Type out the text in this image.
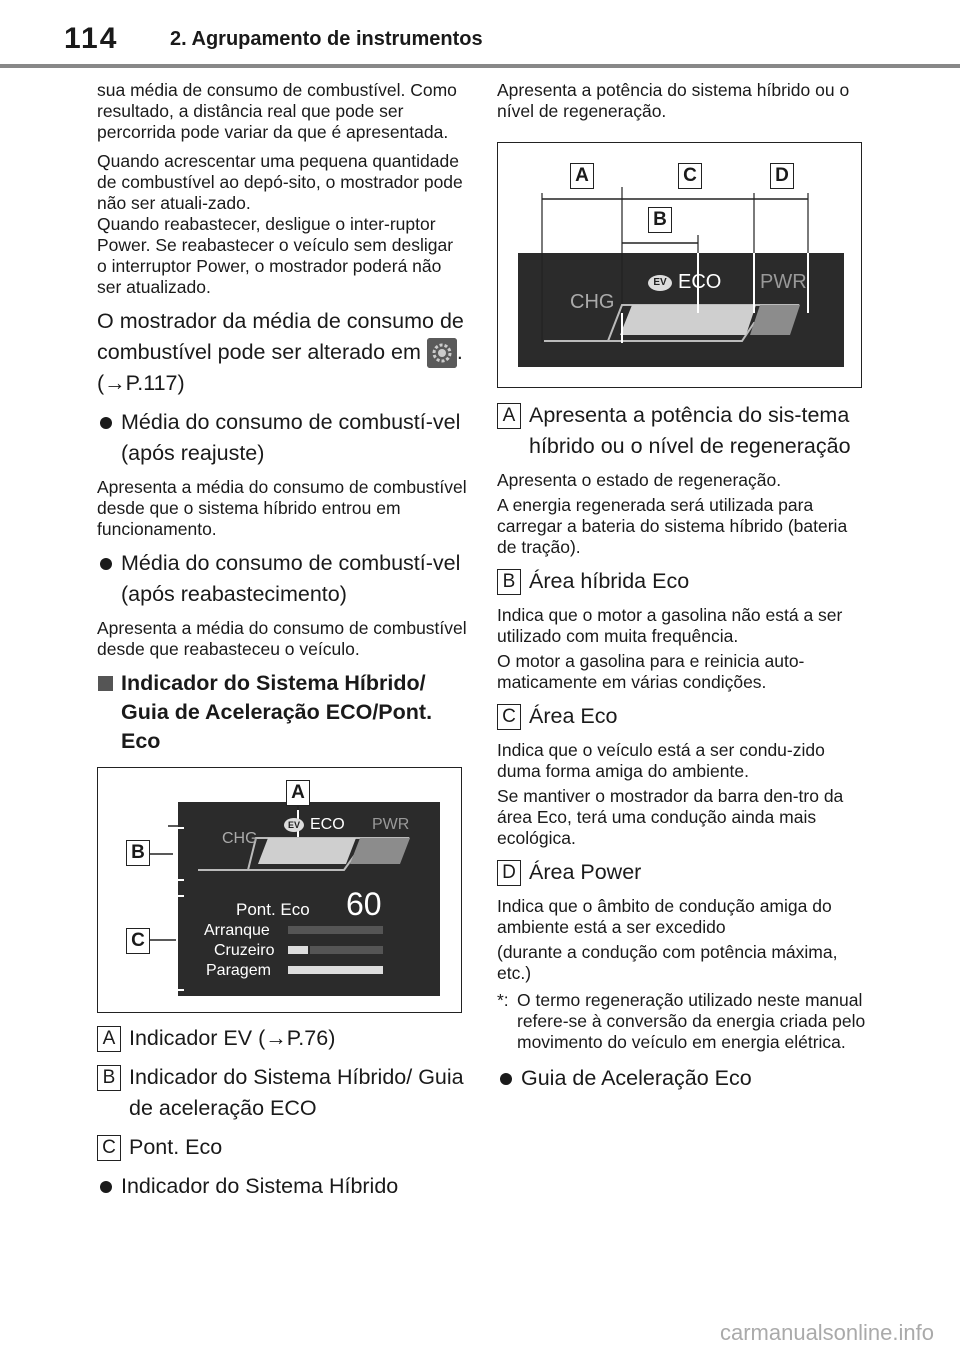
114	2. Agrupamento de instrumentos

sua média de consumo de combustível. Como resultado, a distância real que pode ser percorrida pode variar da que é apresentada.

Quando acrescentar uma pequena quantidade de combustível ao depó-sito, o mostrador pode não ser atuali-zado.

Quando reabastecer, desligue o inter-ruptor Power. Se reabastecer o veículo sem desligar o interruptor Power, o mostrador poderá não ser atualizado.

O mostrador da média de consumo de combustível pode ser alterado em . (→P.117)

Média do consumo de combustí-vel (após reajuste)

Apresenta a média do consumo de combustível desde que o sistema híbrido entrou em funcionamento.

Média do consumo de combustí-vel (após reabastecimento)

Apresenta a média do consumo de combustível desde que reabasteceu o veículo.

Indicador do Sistema Híbrido/
Guia de Aceleração ECO/Pont.
Eco
A
B
C
CHG
EV ECO PWR
Pont. Eco 60
Arranque
Cruzeiro
Paragem
A Indicador EV (→P.76)
B Indicador do Sistema Híbrido/ Guia de aceleração ECO
C Pont. Eco
Indicador do Sistema Híbrido

Apresenta a potência do sistema híbrido ou o nível de regeneração.

A
B
C	D
CHG
EV ECO PWR
A Apresenta a potência do sis-tema híbrido ou o nível de regeneração

Apresenta o estado de regeneração.

A energia regenerada será utilizada para carregar a bateria do sistema híbrido (bateria de tração).

B Área híbrida Eco

Indica que o motor a gasolina não está a ser utilizado com muita frequência.

O motor a gasolina para e reinicia auto-maticamente em várias condições.

C Área Eco

Indica que o veículo está a ser condu-zido duma forma amiga do ambiente.

Se mantiver o mostrador da barra den-tro da área Eco, terá uma condução ainda mais ecológica.

D Área Power

Indica que o âmbito de condução amiga do ambiente está a ser excedido

(durante a condução com potência máxima, etc.)

*: O termo regeneração utilizado neste manual refere-se à conversão da energia criada pelo movimento do veículo em energia elétrica.
Guia de Aceleração Eco
carmanualsonline.info
